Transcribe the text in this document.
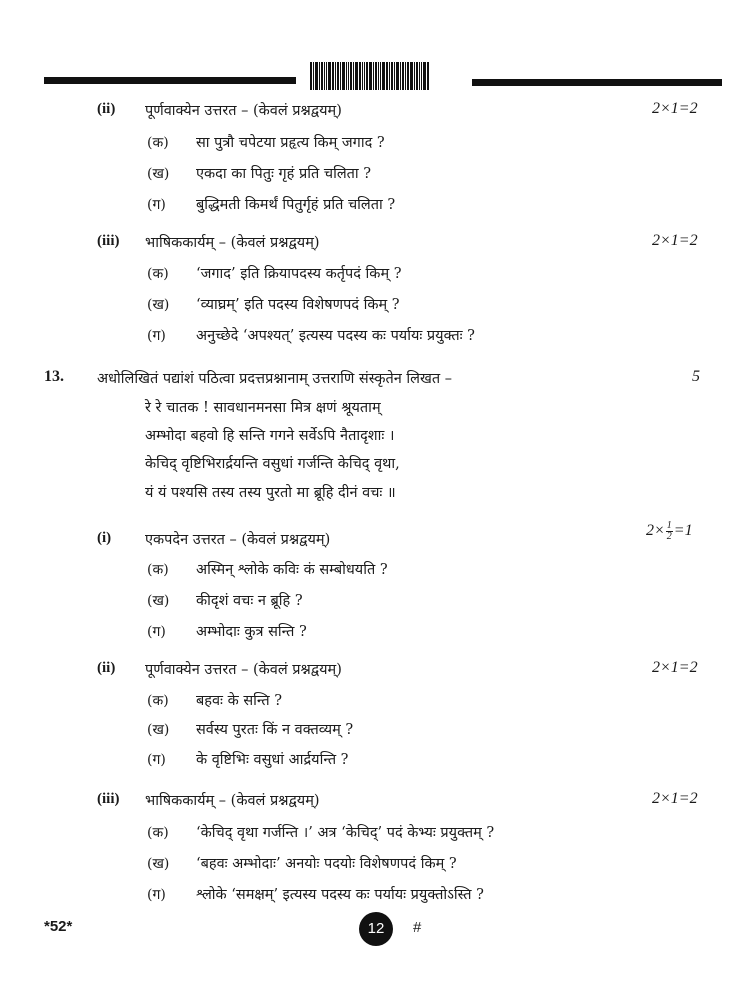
(ii) पूर्णवाक्येन उत्तरत – (केवलं प्रश्नद्वयम्)	2×1=2
(क) सा पुत्रौ चपेटया प्रहृत्य किम् जगाद ?
(ख) एकदा का पितुः गृहं प्रति चलिता ?
(ग) बुद्धिमती किमर्थं पितुर्गृहं प्रति चलिता ?
(iii) भाषिककार्यम् – (केवलं प्रश्नद्वयम्)	2×1=2
(क) ‘जगाद’ इति क्रियापदस्य कर्तृपदं किम् ?
(ख) ‘व्याघ्रम्’ इति पदस्य विशेषणपदं किम् ?
(ग) अनुच्छेदे ‘अपश्यत्’ इत्यस्य पदस्य कः पर्यायः प्रयुक्तः ?
13. अधोलिखितं पद्यांशं पठित्वा प्रदत्तप्रश्नानाम् उत्तराणि संस्कृतेन लिखत –	5
रे रे चातक ! सावधानमनसा मित्र क्षणं श्रूयताम्
अम्भोदा बहवो हि सन्ति गगने सर्वेऽपि नैतादृशाः ।
केचिद् वृष्टिभिरार्द्रयन्ति वसुधां गर्जन्ति केचिद् वृथा,
यं यं पश्यसि तस्य तस्य पुरतो मा ब्रूहि दीनं वचः ॥
(i) एकपदेन उत्तरत – (केवलं प्रश्नद्वयम्)
$2\times \frac{1}{2} =1$
(क) अस्मिन् श्लोके कविः कं सम्बोधयति ?
(ख) कीदृशं वचः न ब्रूहि ?
(ग) अम्भोदाः कुत्र सन्ति ?
(ii) पूर्णवाक्येन उत्तरत – (केवलं प्रश्नद्वयम्)	2×1=2
(क) बहवः के सन्ति ?
(ख) सर्वस्य पुरतः किं न वक्तव्यम् ?
(ग) के वृष्टिभिः वसुधां आर्द्रयन्ति ?
(iii) भाषिककार्यम् – (केवलं प्रश्नद्वयम्)	2×1=2
(क) ‘केचिद् वृथा गर्जन्ति ।’ अत्र ‘केचिद्’ पदं केभ्यः प्रयुक्तम् ?
(ख) ‘बहवः अम्भोदाः’ अनयोः पदयोः विशेषणपदं किम् ?
(ग) श्लोके ‘समक्षम्’ इत्यस्य पदस्य कः पर्यायः प्रयुक्तोऽस्ति ?
*52*	12	#
